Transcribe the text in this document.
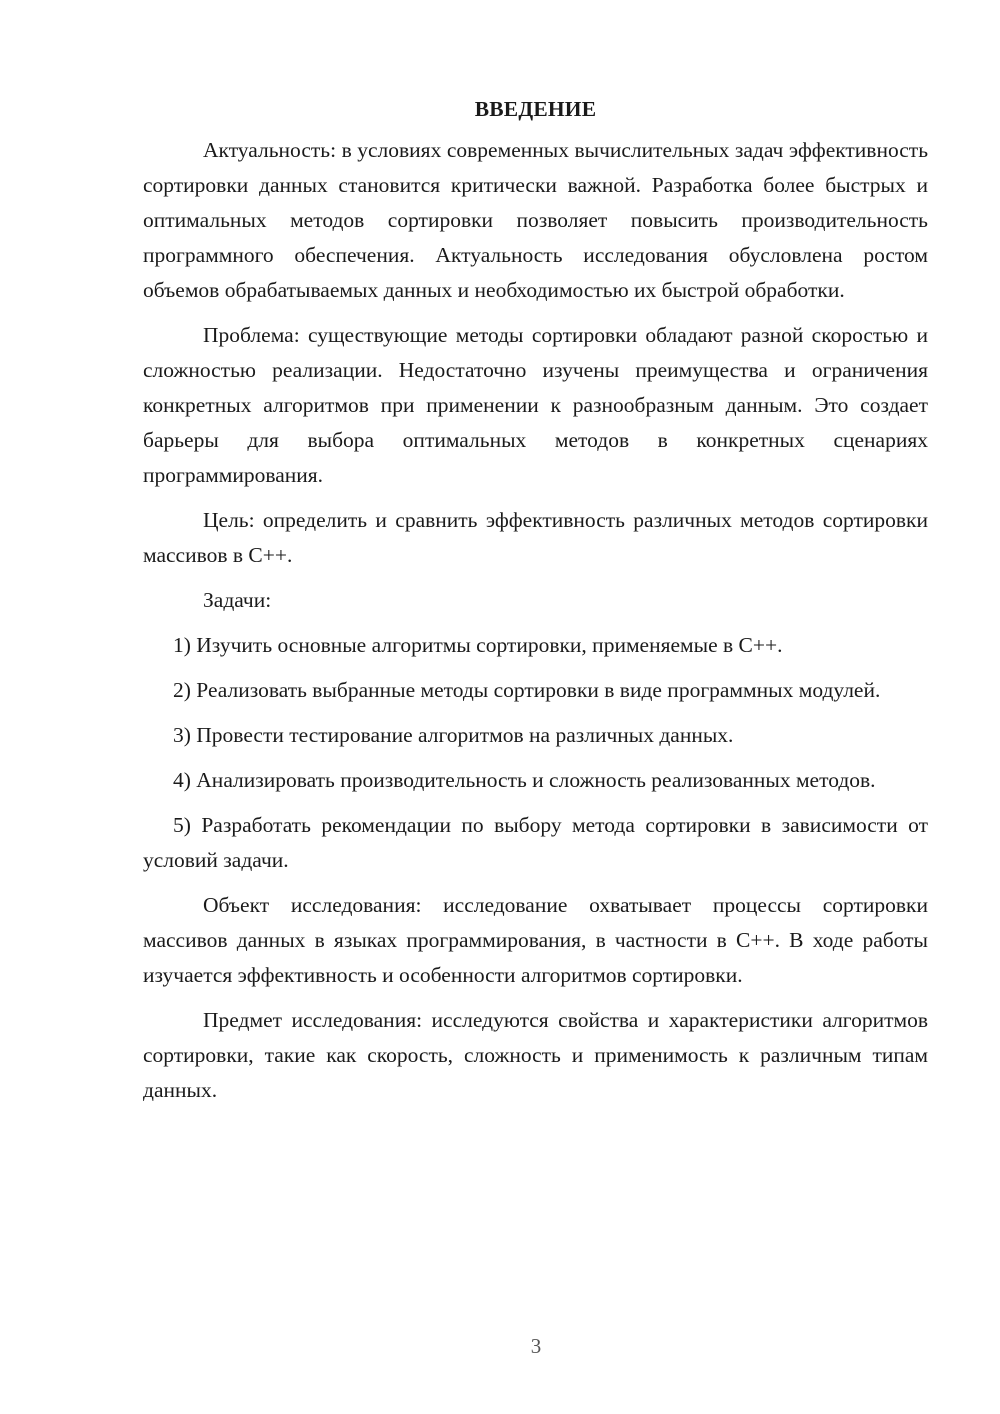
ВВЕДЕНИЕ

Актуальность: в условиях современных вычислительных задач эффективность сортировки данных становится критически важной. Разработка более быстрых и оптимальных методов сортировки позволяет повысить производительность программного обеспечения. Актуальность исследования обусловлена ростом объемов обрабатываемых данных и необходимостью их быстрой обработки.

Проблема: существующие методы сортировки обладают разной скоростью и сложностью реализации. Недостаточно изучены преимущества и ограничения конкретных алгоритмов при применении к разнообразным данным. Это создает барьеры для выбора оптимальных методов в конкретных сценариях программирования.

Цель: определить и сравнить эффективность различных методов сортировки массивов в C++.

Задачи:

1) Изучить основные алгоритмы сортировки, применяемые в C++.

2) Реализовать выбранные методы сортировки в виде программных модулей.

3) Провести тестирование алгоритмов на различных данных.

4) Анализировать производительность и сложность реализованных методов.

5) Разработать рекомендации по выбору метода сортировки в зависимости от условий задачи.

Объект исследования: исследование охватывает процессы сортировки массивов данных в языках программирования, в частности в C++. В ходе работы изучается эффективность и особенности алгоритмов сортировки.

Предмет исследования: исследуются свойства и характеристики алгоритмов сортировки, такие как скорость, сложность и применимость к различным типам данных.

3
